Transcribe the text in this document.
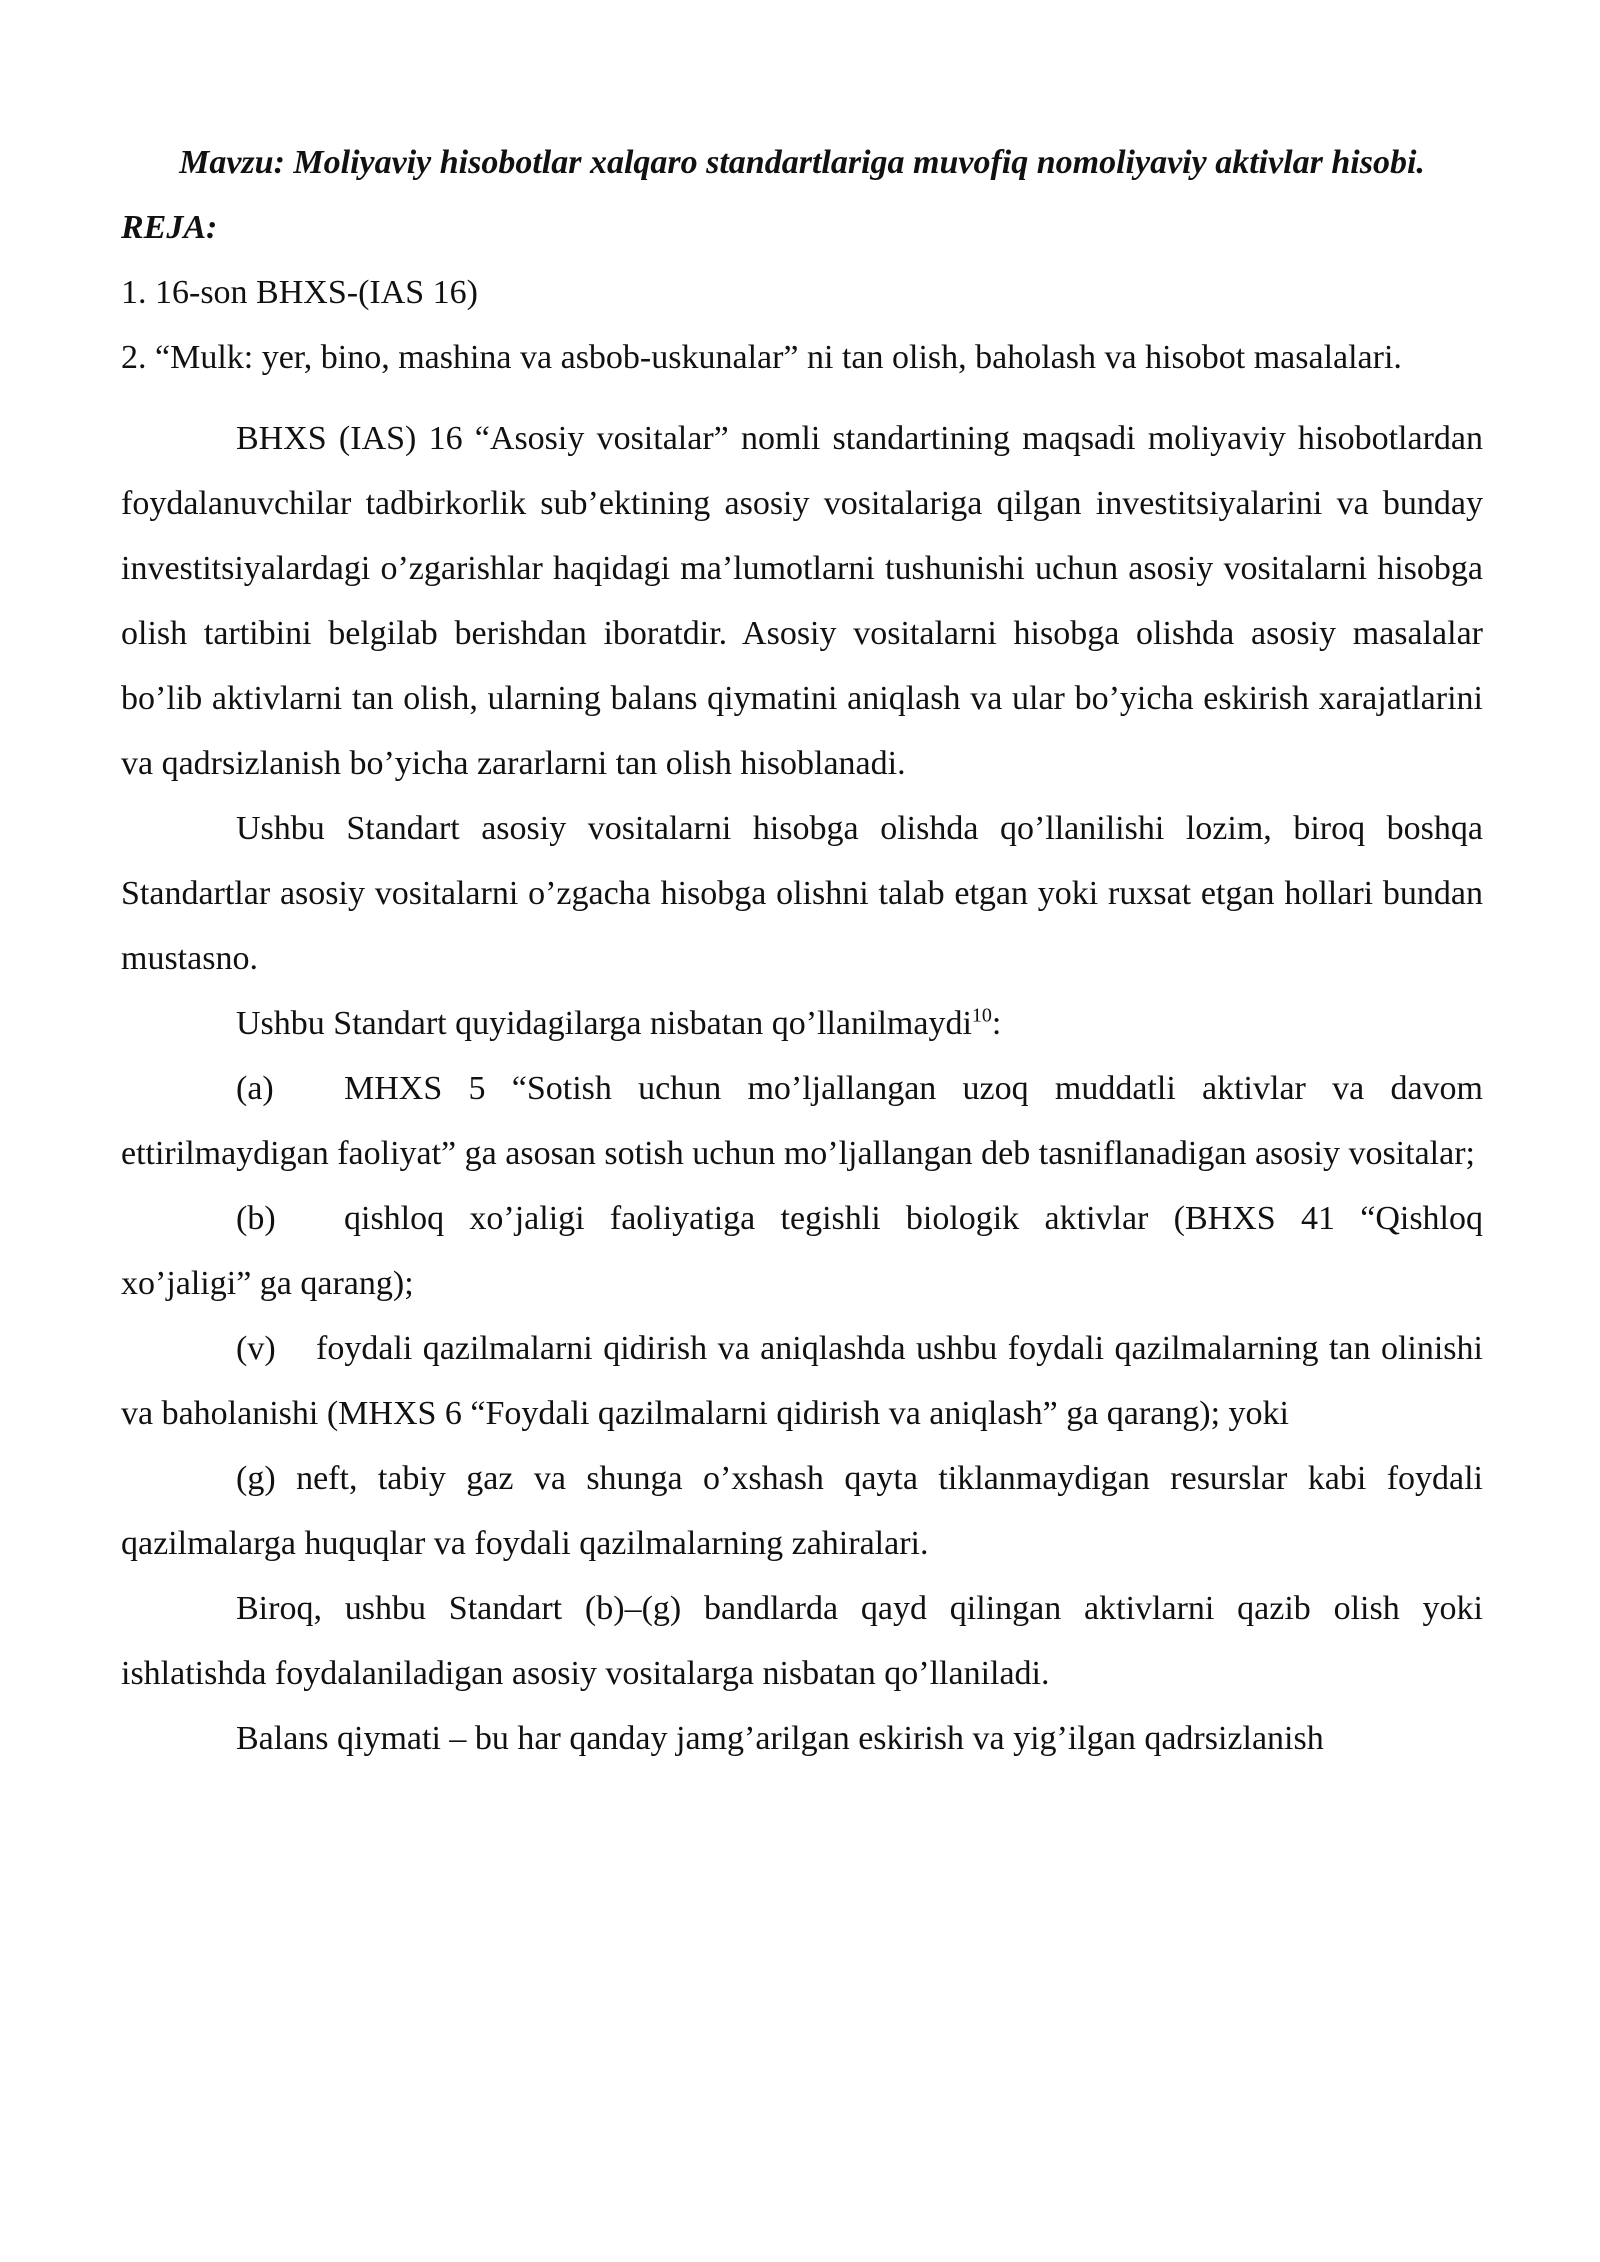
Mavzu: Moliyaviy hisobotlar xalqaro standartlariga muvofiq nomoliyaviy aktivlar hisobi.

REJA:

1. 16-son BHXS-(IAS 16)

2. “Mulk: yer, bino, mashina va asbob-uskunalar” ni tan olish, baholash va hisobot masalalari.

BHXS (IAS) 16 “Asosiy vositalar” nomli standartining maqsadi moliyaviy hisobotlardan foydalanuvchilar tadbirkorlik sub’ektining asosiy vositalariga qilgan investitsiyalarini va bunday investitsiyalardagi o’zgarishlar haqidagi ma’lumotlarni tushunishi uchun asosiy vositalarni hisobga olish tartibini belgilab berishdan iboratdir. Asosiy vositalarni hisobga olishda asosiy masalalar bo’lib aktivlarni tan olish, ularning balans qiymatini aniqlash va ular bo’yicha eskirish xarajatlarini va qadrsizlanish bo’yicha zararlarni tan olish hisoblanadi.

Ushbu Standart asosiy vositalarni hisobga olishda qo’llanilishi lozim, biroq boshqa Standartlar asosiy vositalarni o’zgacha hisobga olishni talab etgan yoki ruxsat etgan hollari bundan mustasno.

Ushbu Standart quyidagilarga nisbatan qo’llanilmaydi$^{10}$:

(a) MHXS 5 “Sotish uchun mo’ljallangan uzoq muddatli aktivlar va davom ettirilmaydigan faoliyat” ga asosan sotish uchun mo’ljallangan deb tasniflanadigan asosiy vositalar;

(b) qishloq xo’jaligi faoliyatiga tegishli biologik aktivlar (BHXS 41 “Qishloq xo’jaligi” ga qarang);

(v) foydali qazilmalarni qidirish va aniqlashda ushbu foydali qazilmalarning tan olinishi va baholanishi (MHXS 6 “Foydali qazilmalarni qidirish va aniqlash” ga qarang); yoki

(g) neft, tabiy gaz va shunga o’xshash qayta tiklanmaydigan resurslar kabi foydali qazilmalarga huquqlar va foydali qazilmalarning zahiralari.

Biroq, ushbu Standart (b)–(g) bandlarda qayd qilingan aktivlarni qazib olish yoki ishlatishda foydalaniladigan asosiy vositalarga nisbatan qo’llaniladi.

Balans qiymati – bu har qanday jamg’arilgan eskirish va yig’ilgan qadrsizlanish
